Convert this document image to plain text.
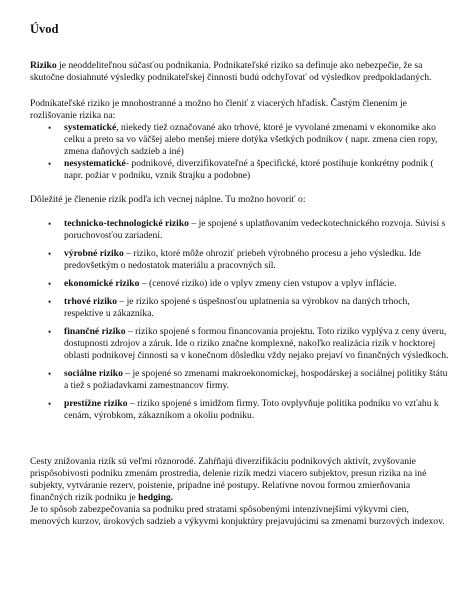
Úvod

Riziko je neoddeliteľnou súčasťou podnikania. Podnikateľské riziko sa definuje ako nebezpečie, že sa skutočne dosiahnuté výsledky podnikateľskej činnosti budú odchyľovať od výsledkov predpokladaných.

Podnikateľské riziko je mnohostranné a možno ho členiť z viacerých hľadísk. Častým členením je rozlišovanie rizika na:

•	systematické, niekedy tiež označované ako trhové, ktoré je vyvolané zmenami v ekonomike ako celku a preto sa vo väčšej alebo menšej miere dotýka všetkých podnikov ( napr. zmena cien ropy, zmena daňových sadzieb a iné)
•	nesystematické- podnikové, diverzifikovateľné a špecifické, ktoré postihuje konkrétny podnik ( napr. požiar v podniku, vznik štrajku a podobne)

Dôležité je členenie rizík podľa ich vecnej náplne. Tu možno hovoriť o:

•	technicko-technologické riziko – je spojené s uplatňovaním vedeckotechnického rozvoja. Súvisí s poruchovosťou zariadení.
•	výrobné riziko – riziko, ktoré môže ohroziť priebeh výrobného procesu a jeho výsledku. Ide predovšetkým o nedostatok materiálu a pracovných síl.
•	ekonomické riziko – (cenové riziko) ide o vplyv zmeny cien vstupov a vplyv inflácie.
•	trhové riziko – je riziko spojené s úspešnosťou uplatnenia sa výrobkov na daných trhoch, respektíve u zákazníka.
•	finančné riziko – riziko spojené s formou financovania projektu. Toto riziko vyplýva z ceny úveru, dostupnosti zdrojov a záruk. Ide o riziko značne komplexné, nakoľko realizácia rizík v hocktorej oblasti podnikovej činnosti sa v konečnom dôsledku vždy nejako prejaví vo finančných výsledkoch.
•	sociálne riziko – je spojené so zmenami makroekonomickej, hospodárskej a sociálnej politiky štátu a tiež s požiadavkami zamestnancov firmy.
•	prestížne riziko – riziko spojené s imidžom firmy. Toto ovplyvňuje politika podniku vo vzťahu k cenám, výrobkom, zákazníkom a okoliu podniku.

Cesty znižovania rizík sú veľmi rôznorodé. Zahŕňajú diverzifikáciu podnikových aktivít, zvyšovanie prispôsobivosti podniku zmenám prostredia, delenie rizík medzi viacero subjektov, presun rizika na iné subjekty, vytváranie rezerv, poistenie, prípadne iné postupy. Relatívne novou formou zmierňovania finančných rizík podniku je hedging.
Je to spôsob zabezpečovania sa podniku pred stratami spôsobenými intenzívnejšími výkyvmi cien, menových kurzov, úrokových sadzieb a výkyvmi konjuktúry prejavujúcimi sa zmenami burzových indexov.
